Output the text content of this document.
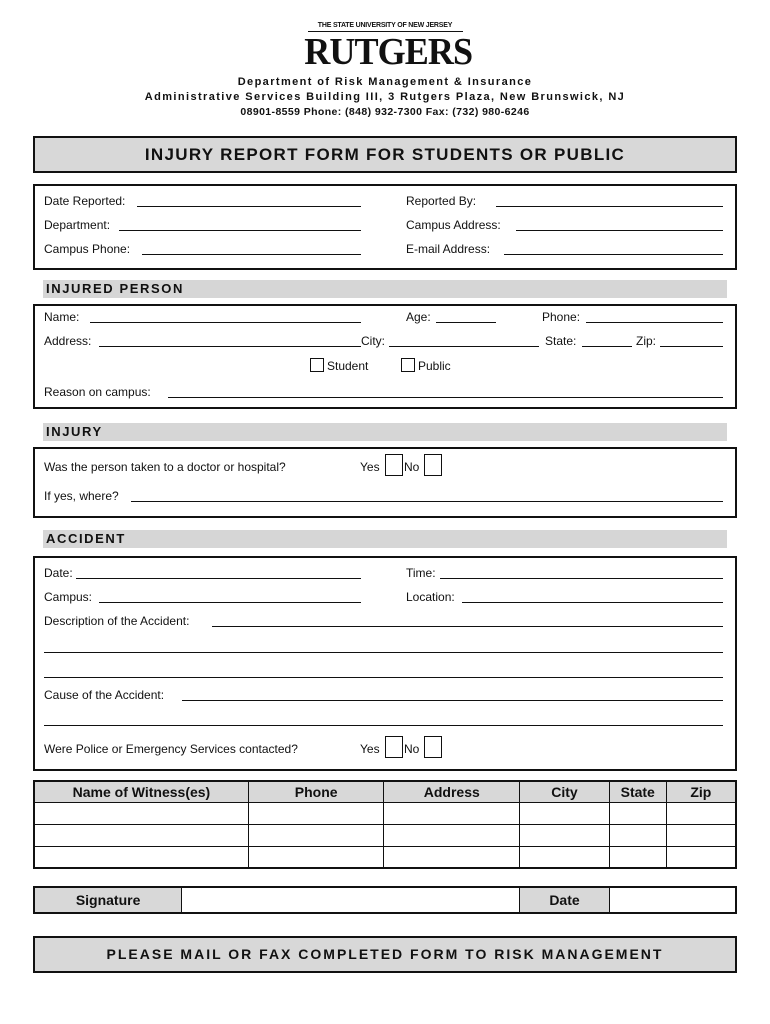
THE STATE UNIVERSITY OF NEW JERSEY
RUTGERS
Department of Risk Management & Insurance
Administrative Services Building III, 3 Rutgers Plaza, New Brunswick, NJ
08901-8559 Phone: (848) 932-7300 Fax: (732) 980-6246
INJURY REPORT FORM FOR STUDENTS OR PUBLIC
Date Reported:	Reported By:
Department:	Campus Address:
Campus Phone:	E-mail Address:
INJURED PERSON
Name:	Age:	Phone:
Address:	City:	State:	Zip:
Student	Public
Reason on campus:
INJURY
Was the person taken to a doctor or hospital?	Yes No
If yes, where?
ACCIDENT
Date:	Time:
Campus:	Location:
Description of the Accident:
Cause of the Accident:
Were Police or Emergency Services contacted?	Yes No
Name of Witness(es)	Phone	Address	City	State	Zip

Signature		Date	
PLEASE MAIL OR FAX COMPLETED FORM TO RISK MANAGEMENT
